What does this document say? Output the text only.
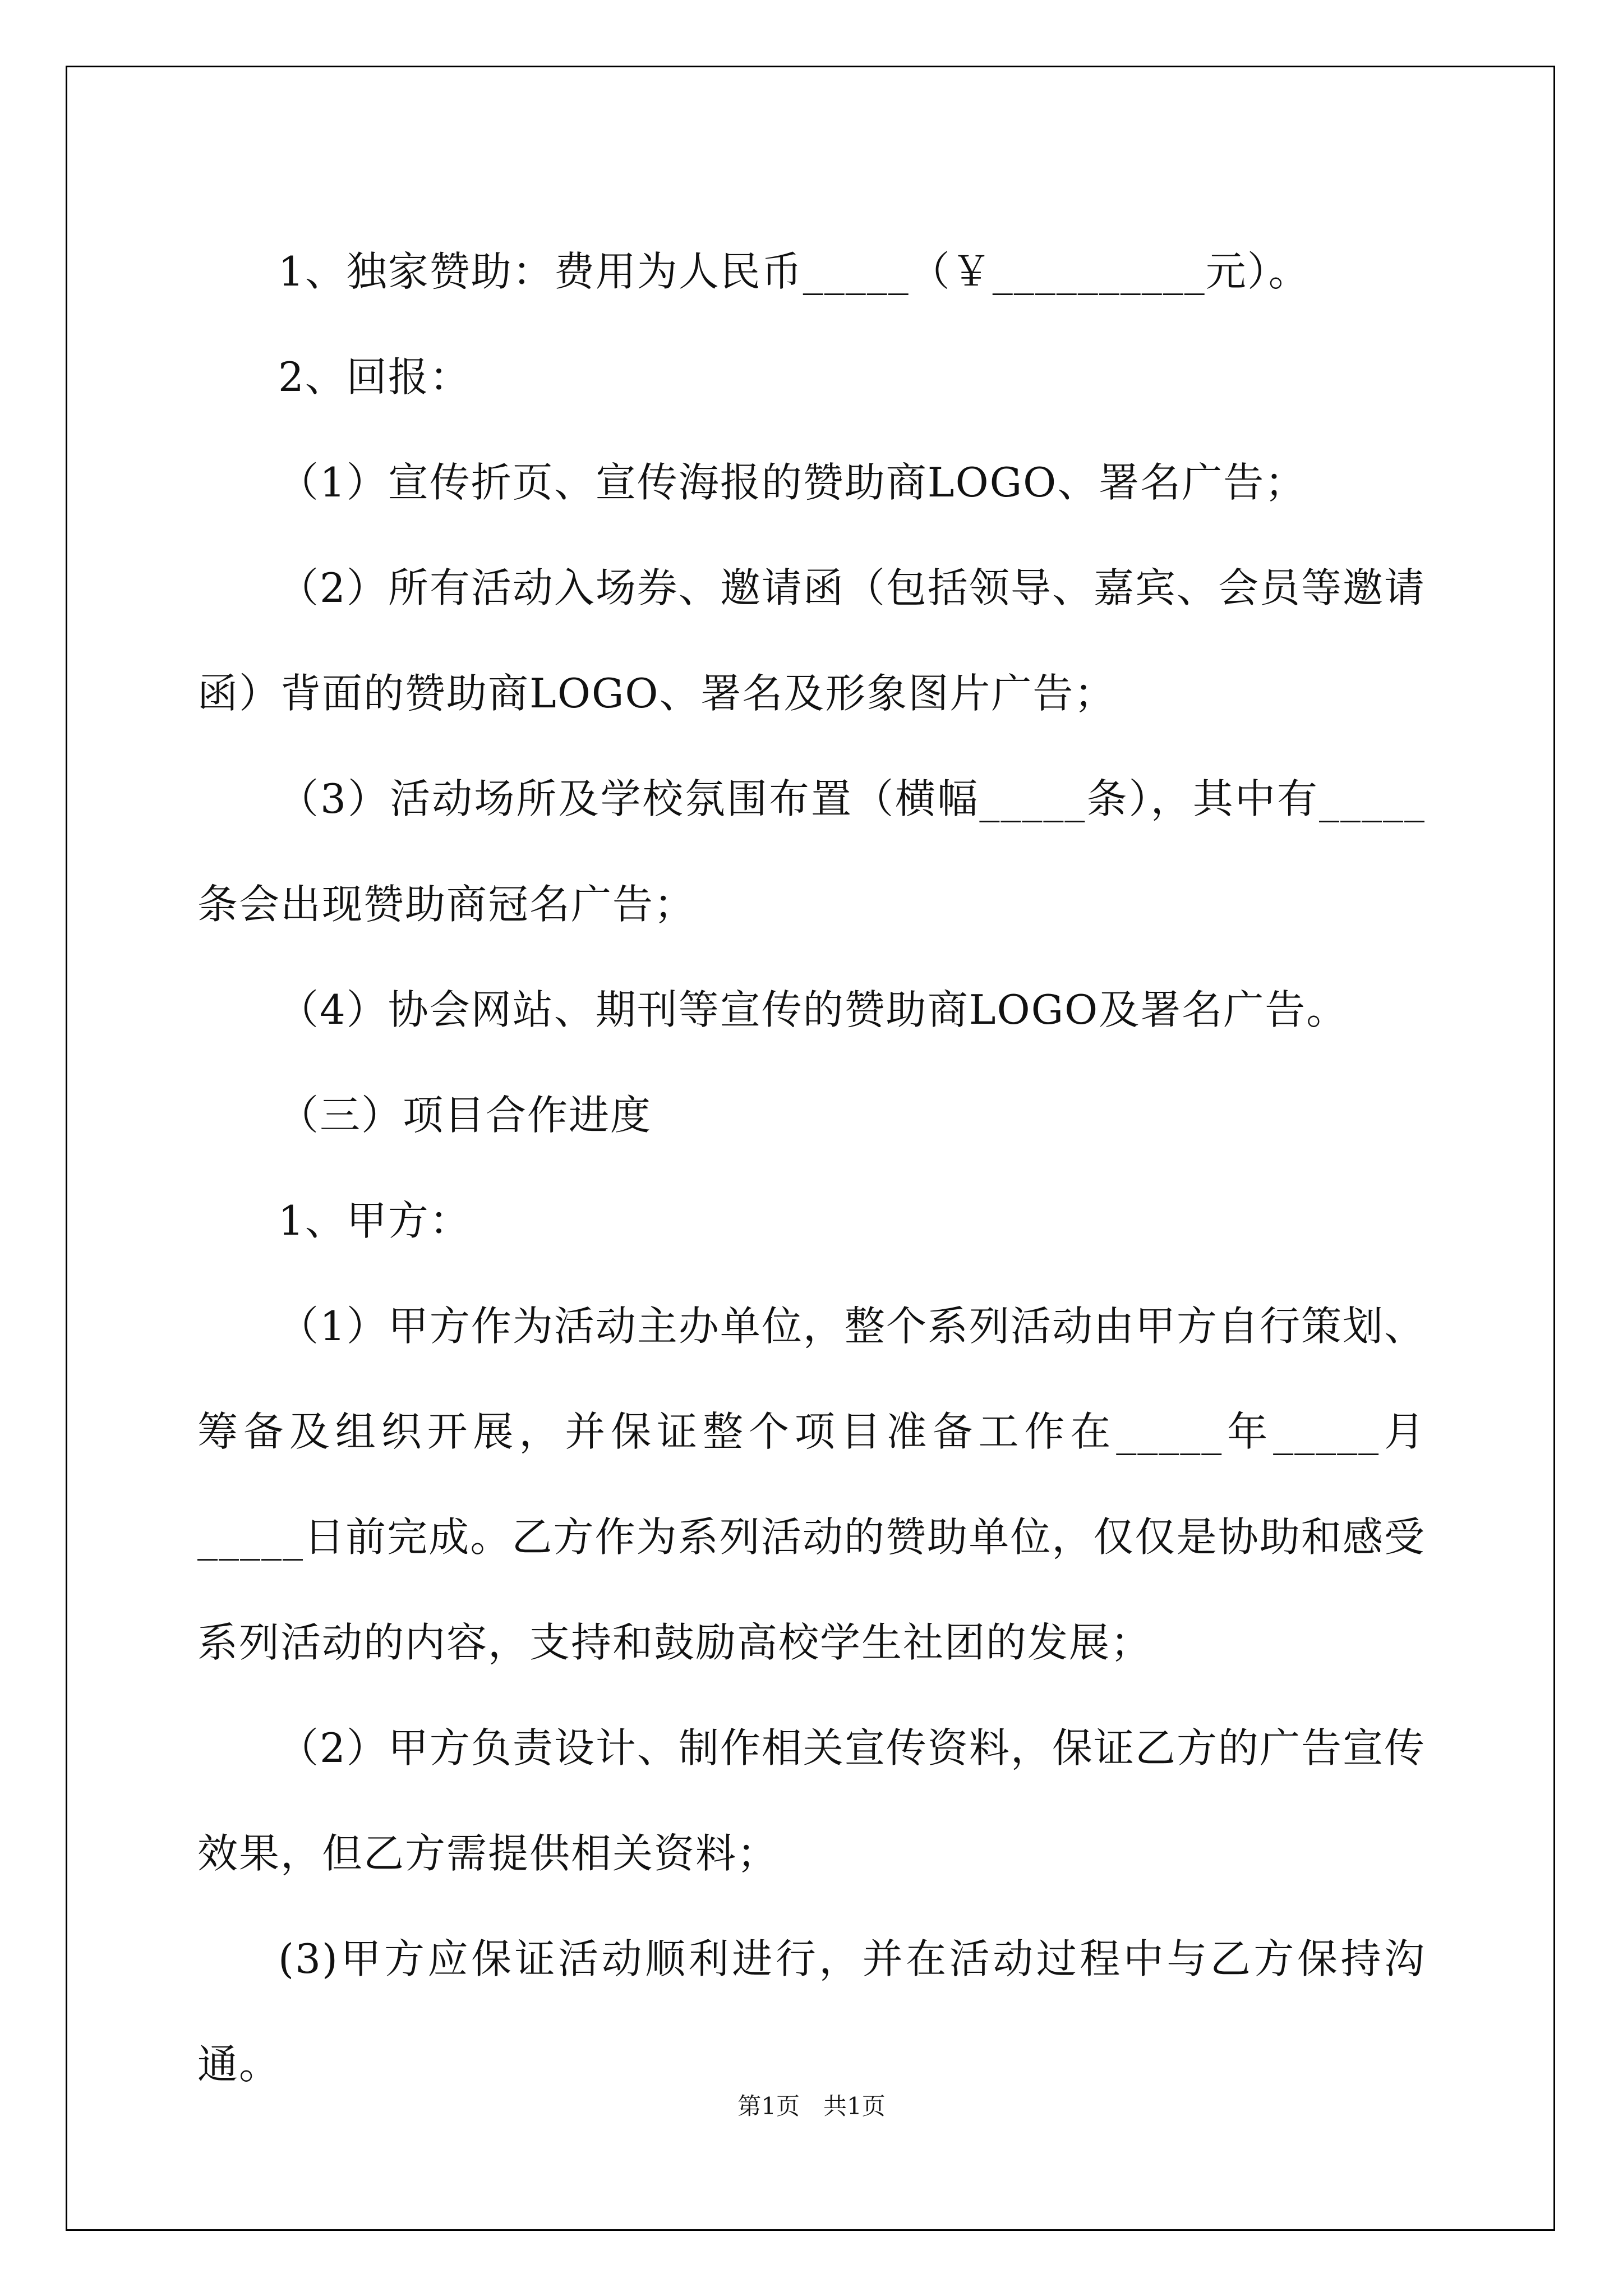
1、独家赞助：费用为人民币_____（￥__________元）。

2、回报：

（1）宣传折页、宣传海报的赞助商LOGO、署名广告；

（2）所有活动入场券、邀请函（包括领导、嘉宾、会员等邀请函）背面的赞助商LOGO、署名及形象图片广告；

（3）活动场所及学校氛围布置（横幅_____条），其中有_____条会出现赞助商冠名广告；

（4）协会网站、期刊等宣传的赞助商LOGO及署名广告。

（三）项目合作进度

1、甲方：

（1）甲方作为活动主办单位，整个系列活动由甲方自行策划、筹备及组织开展，并保证整个项目准备工作在_____年_____月_____日前完成。乙方作为系列活动的赞助单位，仅仅是协助和感受系列活动的内容，支持和鼓励高校学生社团的发展；

（2）甲方负责设计、制作相关宣传资料，保证乙方的广告宣传效果，但乙方需提供相关资料；

(3)甲方应保证活动顺利进行，并在活动过程中与乙方保持沟通。

第1页　共1页
